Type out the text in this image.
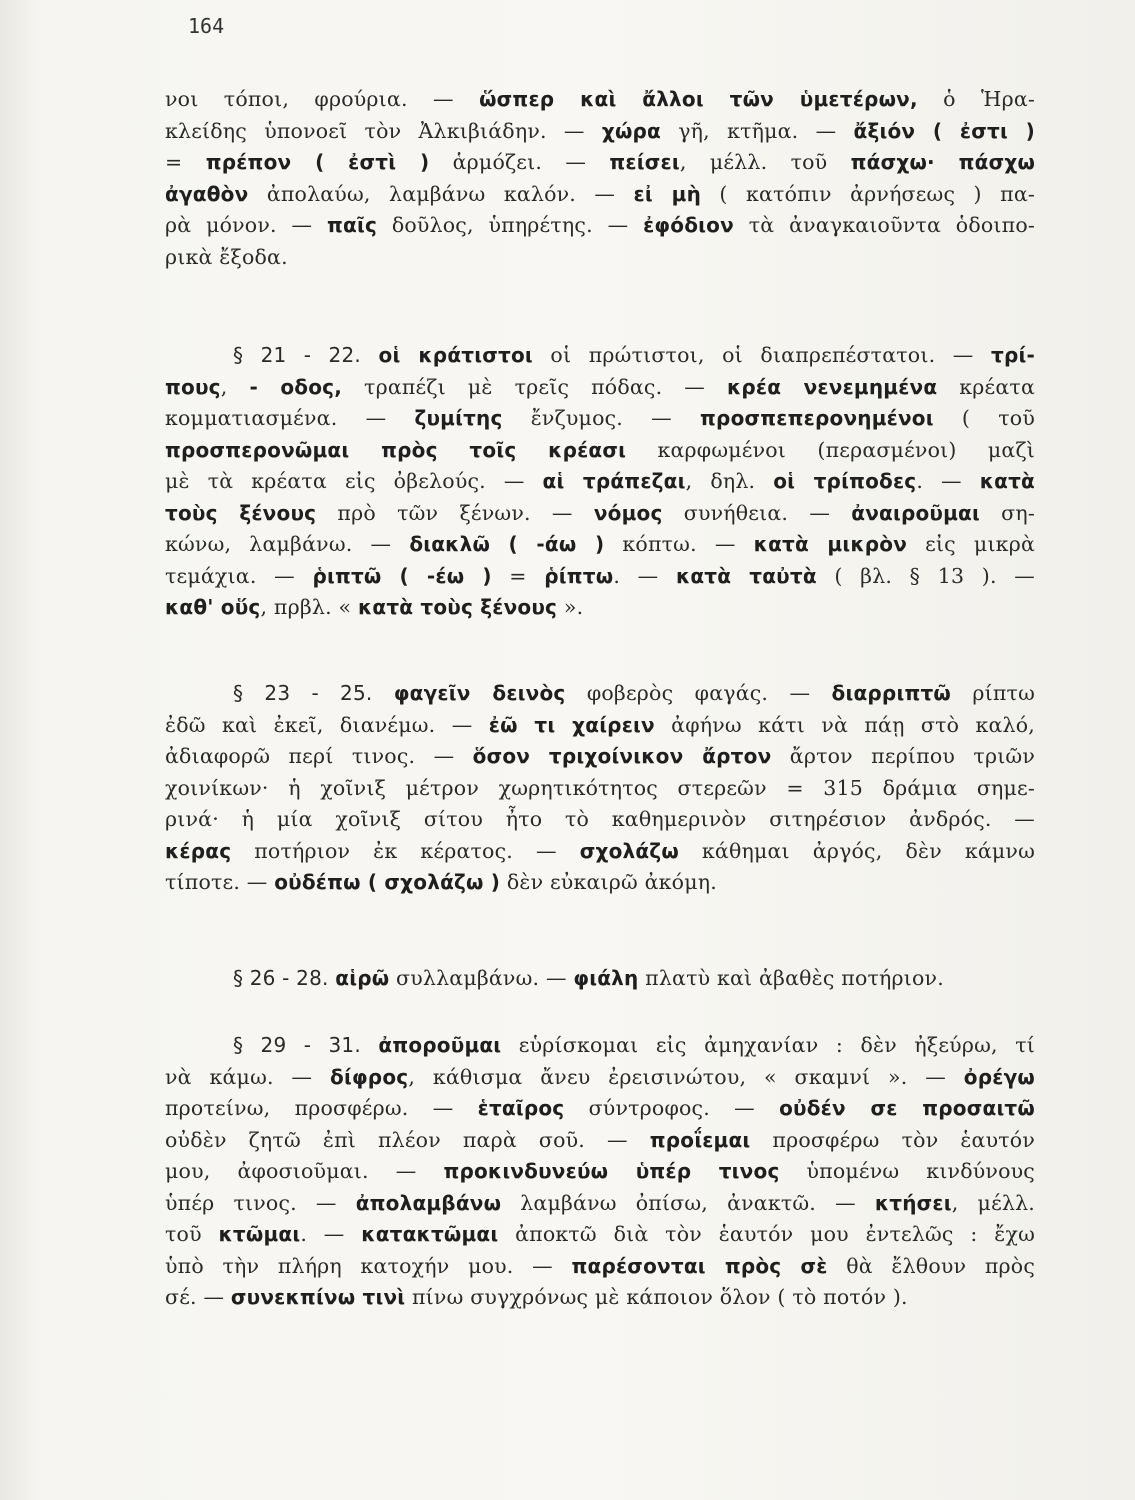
164
νοι τόποι, φρούρια. — ὥσπερ καὶ ἄλλοι τῶν ὑμετέρων, ὁ Ἡρα-
κλείδης ὑπονοεῖ τὸν Ἀλκιβιάδην. — χώρα γῆ, κτῆμα. — ἄξιόν ( ἐστι )
= πρέπον ( ἐστὶ ) ἁρμόζει. — πείσει, μέλλ. τοῦ πάσχω· πάσχω
ἀγαθὸν ἀπολαύω, λαμβάνω καλόν. — εἰ μὴ ( κατόπιν ἀρνήσεως ) πα-
ρὰ μόνον. — παῖς δοῦλος, ὑπηρέτης. — ἐφόδιον τὰ ἀναγκαιοῦντα ὁδοιπο-
ρικὰ ἔξοδα.
§ 21 - 22. οἱ κράτιστοι οἱ πρώτιστοι, οἱ διαπρεπέστατοι. — τρί-
πους, - οδος, τραπέζι μὲ τρεῖς πόδας. — κρέα νενεμημένα κρέατα
κομματιασμένα. — ζυμίτης ἔνζυμος. — προσπεπερονημένοι ( τοῦ
προσπερονῶμαι πρὸς τοῖς κρέασι καρφωμένοι (περασμένοι) μαζὶ
μὲ τὰ κρέατα εἰς ὀβελούς. — αἱ τράπεζαι, δηλ. οἱ τρίποδες. — κατὰ
τοὺς ξένους πρὸ τῶν ξένων. — νόμος συνήθεια. — ἀναιροῦμαι ση-
κώνω, λαμβάνω. — διακλῶ ( -άω ) κόπτω. — κατὰ μικρὸν εἰς μικρὰ
τεμάχια. — ῥιπτῶ ( -έω ) = ῥίπτω. — κατὰ ταὐτὰ ( βλ. § 13 ). —
καθ' οὕς, πρβλ. « κατὰ τοὺς ξένους ».
§ 23 - 25. φαγεῖν δεινὸς φοβερὸς φαγάς. — διαρριπτῶ ρίπτω
ἐδῶ καὶ ἐκεῖ, διανέμω. — ἐῶ τι χαίρειν ἀφήνω κάτι νὰ πάῃ στὸ καλό,
ἀδιαφορῶ περί τινος. — ὅσον τριχοίνικον ἄρτον ἄρτον περίπου τριῶν
χοινίκων· ἡ χοῖνιξ μέτρον χωρητικότητος στερεῶν = 315 δράμια σημε-
ρινά· ἡ μία χοῖνιξ σίτου ἦτο τὸ καθημερινὸν σιτηρέσιον ἀνδρός. —
κέρας ποτήριον ἐκ κέρατος. — σχολάζω κάθημαι ἀργός, δὲν κάμνω
τίποτε. — οὐδέπω ( σχολάζω ) δὲν εὐκαιρῶ ἀκόμη.
§ 26 - 28. αἱρῶ συλλαμβάνω. — φιάλη πλατὺ καὶ ἀβαθὲς ποτήριον.
§ 29 - 31. ἀποροῦμαι εὑρίσκομαι εἰς ἀμηχανίαν : δὲν ἠξεύρω, τί
νὰ κάμω. — δίφρος, κάθισμα ἄνευ ἐρεισινώτου, « σκαμνί ». — ὀρέγω
προτείνω, προσφέρω. — ἑταῖρος σύντροφος. — οὐδέν σε προσαιτῶ
οὐδὲν ζητῶ ἐπὶ πλέον παρὰ σοῦ. — προΐεμαι προσφέρω τὸν ἑαυτόν
μου, ἀφοσιοῦμαι. — προκινδυνεύω ὑπέρ τινος ὑπομένω κινδύνους
ὑπέρ τινος. — ἀπολαμβάνω λαμβάνω ὀπίσω, ἀνακτῶ. — κτήσει, μέλλ.
τοῦ κτῶμαι. — κατακτῶμαι ἀποκτῶ διὰ τὸν ἑαυτόν μου ἐντελῶς : ἔχω
ὑπὸ τὴν πλήρη κατοχήν μου. — παρέσονται πρὸς σὲ θὰ ἔλθουν πρὸς
σέ. — συνεκπίνω τινὶ πίνω συγχρόνως μὲ κάποιον ὅλον ( τὸ ποτόν ).
